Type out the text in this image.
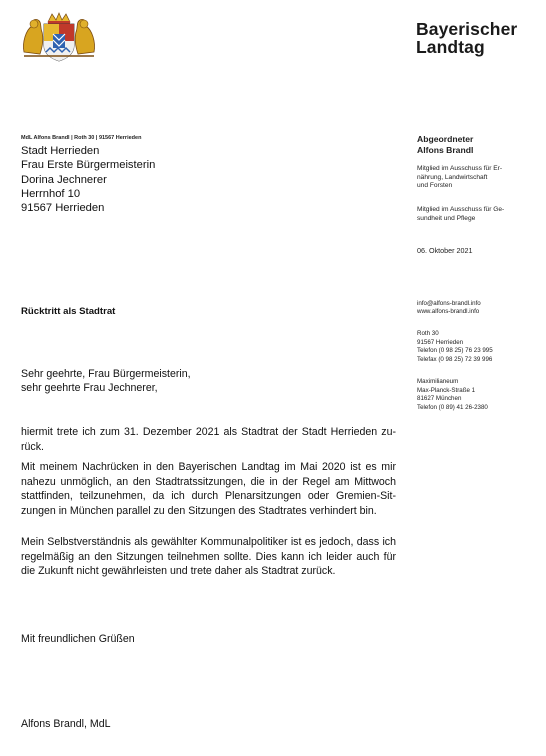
Bayerischer
Landtag
MdL Alfons Brandl | Roth 30 | 91567 Herrieden
Stadt Herrieden
Frau Erste Bürgermeisterin
Dorina Jechnerer
Herrnhof 10
91567 Herrieden
Abgeordneter
Alfons Brandl
Mitglied im Ausschuss für Er-
nährung, Landwirtschaft
und Forsten
Mitglied im Ausschuss für Ge-
sundheit und Pflege
06. Oktober 2021
info@alfons-brandl.info
www.alfons-brandl.info
Roth 30
91567 Herrieden
Telefon (0 98 25) 76 23 995
Telefax (0 98 25) 72 39 996
Maximilianeum
Max-Planck-Straße 1
81627 München
Telefon (0 89) 41 26-2380
Rücktritt als Stadtrat
Sehr geehrte, Frau Bürgermeisterin,
sehr geehrte Frau Jechnerer,
hiermit trete ich zum 31. Dezember 2021 als Stadtrat der Stadt Herrieden zu-rück.
Mit meinem Nachrücken in den Bayerischen Landtag im Mai 2020 ist es mir nahezu unmöglich, an den Stadtratssitzungen, die in der Regel am Mittwoch stattfinden, teilzunehmen, da ich durch Plenarsitzungen oder Gremien-Sit-zungen in München parallel zu den Sitzungen des Stadtrates verhindert bin.
Mein Selbstverständnis als gewählter Kommunalpolitiker ist es jedoch, dass ich regelmäßig an den Sitzungen teilnehmen sollte. Dies kann ich leider auch für die Zukunft nicht gewährleisten und trete daher als Stadtrat zurück.
Mit freundlichen Grüßen
Alfons Brandl, MdL
